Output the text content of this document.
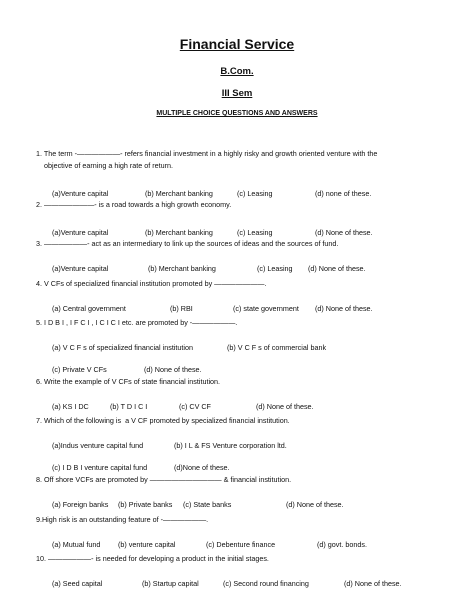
Financial Service
B.Com.
III Sem
MULTIPLE CHOICE QUESTIONS AND ANSWERS
1. The term -——————- refers financial investment in a highly risky and growth oriented venture with the
objective of earning a high rate of return.
(a)Venture capital	(b) Merchant banking	(c) Leasing	(d) none of these.
2. ———————- is a road towards a high growth economy.
(a)Venture capital	(b) Merchant banking	(c) Leasing	(d) None of these.
3. ——————- act as an intermediary to link up the sources of ideas and the sources of fund.
(a)Venture capital	(b) Merchant banking	(c) Leasing (d) None of these.
4. V CFs of specialized financial institution promoted by ———————.
(a) Central government	(b) RBI	(c) state government (d) None of these.
5. I D B I , I F C I , I C I C I etc. are promoted by -——————.
(a) V C F s of specialized financial institution	(b) V C F s of commercial bank
(c) Private V CFs	(d) None of these.
6. Write the example of V CFs of state financial institution.
(a) KS I DC	(b) T D I C I	(c) CV CF	(d) None of these.
7. Which of the following is  a V CF promoted by specialized financial institution.
(a)Indus venture capital fund	(b) I L & FS Venture corporation ltd.
(c) I D B I venture capital fund	(d)None of these.
8. Off shore VCFs are promoted by —————————— & financial institution.
(a) Foreign banks (b) Private banks (c) State banks	(d) None of these.
9.High risk is an outstanding feature of -——————.
(a) Mutual fund (b) venture capital	(c) Debenture finance	(d) govt. bonds.
10. ——————- is needed for developing a product in the initial stages.
(a) Seed capital	(b) Startup capital	(c) Second round financing	(d) None of these.
